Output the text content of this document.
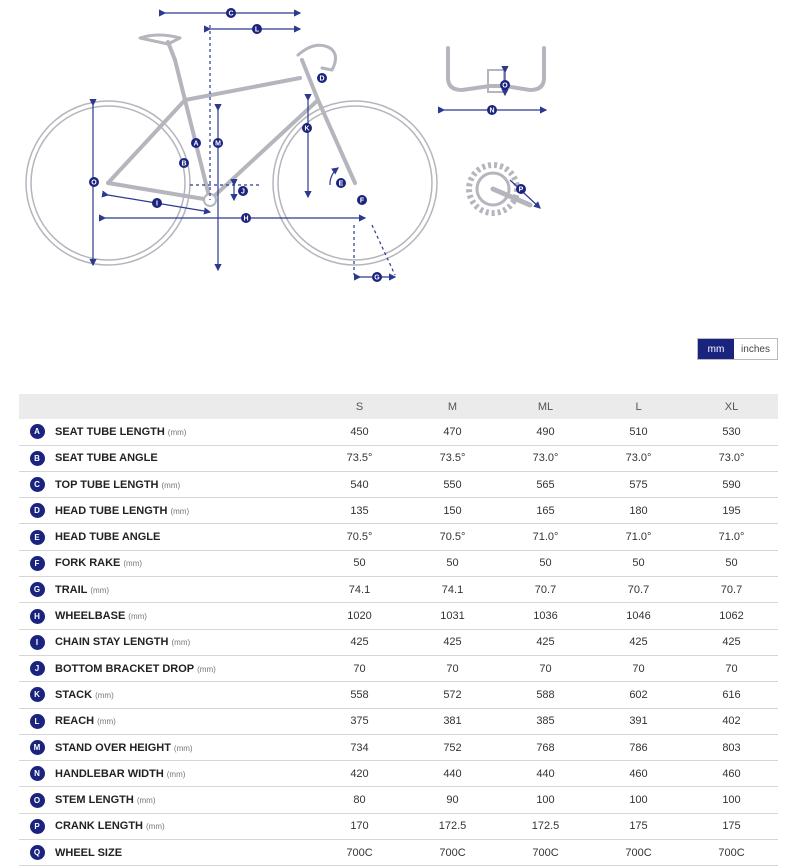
C
L
D
K
A M
B
O
J
E
F
I
H
G
O
N
P
mm	inches
		S	M	ML	L	XL
A	SEAT TUBE LENGTH (mm)	450	470	490	510	530
B	SEAT TUBE ANGLE	73.5°	73.5°	73.0°	73.0°	73.0°
C	TOP TUBE LENGTH (mm)	540	550	565	575	590
D	HEAD TUBE LENGTH (mm)	135	150	165	180	195
E	HEAD TUBE ANGLE	70.5°	70.5°	71.0°	71.0°	71.0°
F	FORK RAKE (mm)	50	50	50	50	50
G	TRAIL (mm)	74.1	74.1	70.7	70.7	70.7
H	WHEELBASE (mm)	1020	1031	1036	1046	1062
I	CHAIN STAY LENGTH (mm)	425	425	425	425	425
J	BOTTOM BRACKET DROP (mm)	70	70	70	70	70
K	STACK (mm)	558	572	588	602	616
L	REACH (mm)	375	381	385	391	402
M	STAND OVER HEIGHT (mm)	734	752	768	786	803
N	HANDLEBAR WIDTH (mm)	420	440	440	460	460
O	STEM LENGTH (mm)	80	90	100	100	100
P	CRANK LENGTH (mm)	170	172.5	172.5	175	175
Q	WHEEL SIZE	700C	700C	700C	700C	700C
